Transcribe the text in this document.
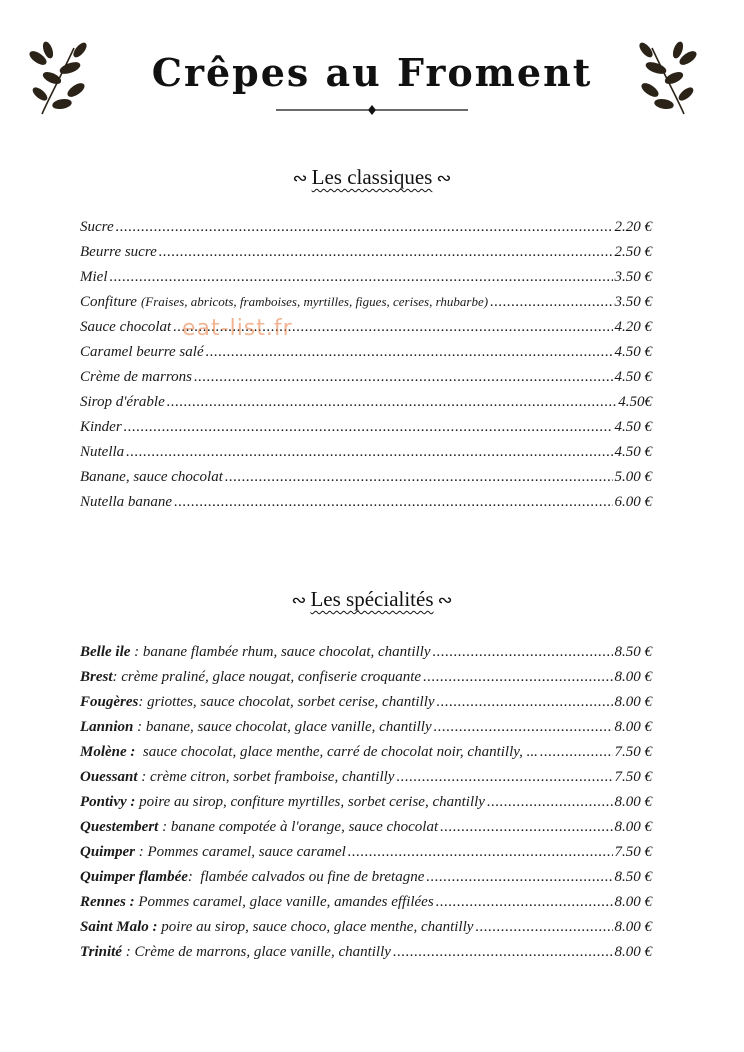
Crêpes au Froment
∾ Les classiques ∾
Sucre .....	2.20 €
Beurre sucre .....	2.50 €
Miel .....	3.50 €
Confiture (Fraises, abricots, framboises, myrtilles, figues, cerises, rhubarbe) .....	3.50 €
Sauce chocolat .....	4.20 €
Caramel beurre salé .....	4.50 €
Crème de marrons .....	4.50 €
Sirop d'érable .....	4.50€
Kinder .....	4.50 €
Nutella .....	4.50 €
Banane, sauce chocolat .....	5.00 €
Nutella banane .....	6.00 €
eat-list.fr
∾ Les spécialités ∾
Belle ile : banane flambée rhum, sauce chocolat, chantilly .....	8.50 €
Brest: crème praliné, glace nougat, confiserie croquante .....	8.00 €
Fougères: griottes, sauce chocolat, sorbet cerise, chantilly .....	8.00 €
Lannion : banane, sauce chocolat, glace vanille, chantilly .....	8.00 €
Molène : sauce chocolat, glace menthe, carré de chocolat noir, chantilly, ... .....	7.50 €
Ouessant : crème citron, sorbet framboise, chantilly .....	7.50 €
Pontivy : poire au sirop, confiture myrtilles, sorbet cerise, chantilly .....	8.00 €
Questembert : banane compotée à l'orange, sauce chocolat .....	8.00 €
Quimper : Pommes caramel, sauce caramel .....	7.50 €
Quimper flambée:  flambée calvados ou fine de bretagne .....	8.50 €
Rennes : Pommes caramel, glace vanille, amandes effilées .....	8.00 €
Saint Malo : poire au sirop, sauce choco, glace menthe, chantilly .....	8.00 €
Trinité : Crème de marrons, glace vanille, chantilly .....	8.00 €
